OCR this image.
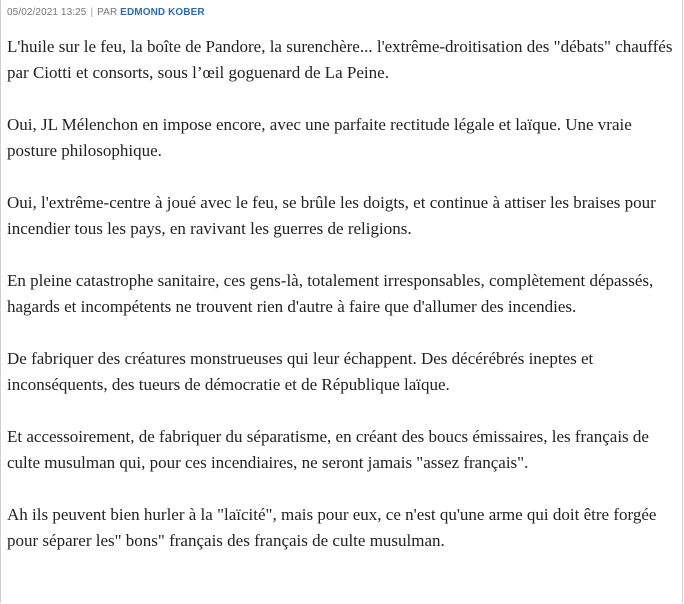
05/02/2021 13:25 | PAR EDMOND KOBER

L'huile sur le feu, la boîte de Pandore, la surenchère... l'extrême-droitisation des "débats" chauffés par Ciotti et consorts, sous l’œil goguenard de La Peine.

Oui, JL Mélenchon en impose encore, avec une parfaite rectitude légale et laïque. Une vraie posture philosophique.

Oui, l'extrême-centre à joué avec le feu, se brûle les doigts, et continue à attiser les braises pour incendier tous les pays, en ravivant les guerres de religions.

En pleine catastrophe sanitaire, ces gens-là, totalement irresponsables, complètement dépassés, hagards et incompétents ne trouvent rien d'autre à faire que d'allumer des incendies.

De fabriquer des créatures monstrueuses qui leur échappent. Des décérébrés ineptes et inconséquents, des tueurs de démocratie et de République laïque.

Et accessoirement, de fabriquer du séparatisme, en créant des boucs émissaires, les français de culte musulman qui, pour ces incendiaires, ne seront jamais "assez français".

Ah ils peuvent bien hurler à la "laïcité", mais pour eux, ce n'est qu'une arme qui doit être forgée pour séparer les" bons" français des français de culte musulman.
